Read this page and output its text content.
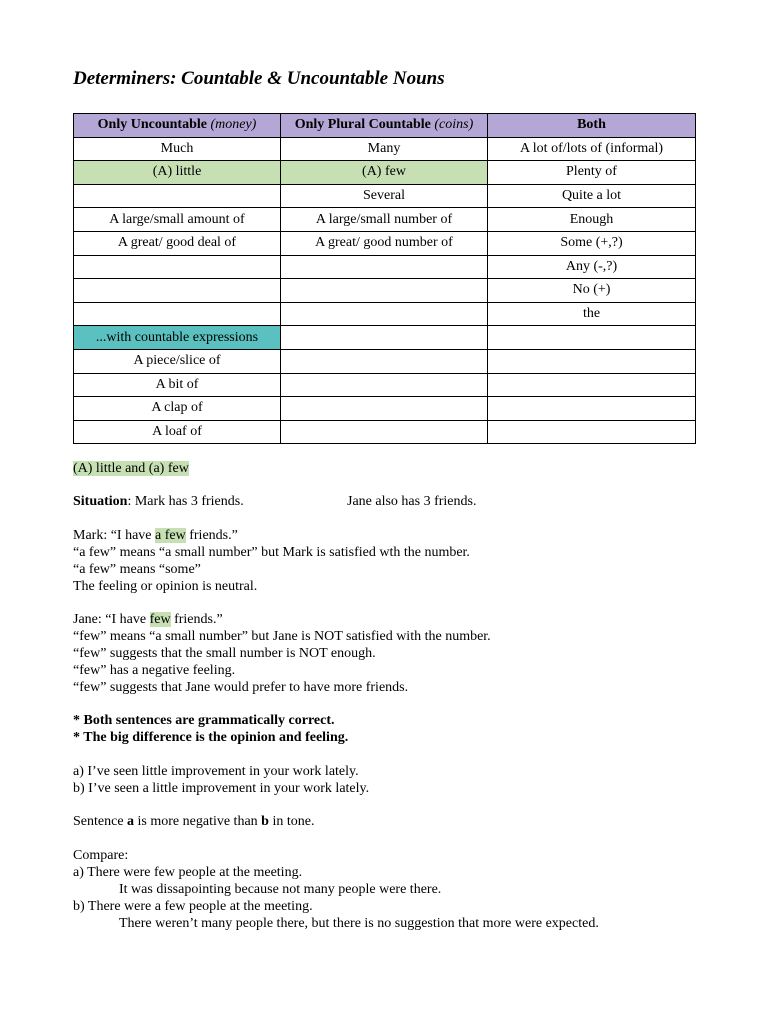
Determiners: Countable & Uncountable Nouns
Only Uncountable (money)	Only Plural Countable (coins)	Both
Much	Many	A lot of/lots of (informal)
(A) little	(A) few	Plenty of
	Several	Quite a lot
A large/small amount of	A large/small number of	Enough
A great/ good deal of	A great/ good number of	Some (+,?)
		Any (-,?)
		No (+)
		the
...with countable expressions		
A piece/slice of		
A bit of		
A clap of		
A loaf of		
(A) little and (a) few
Situation: Mark has 3 friends.	Jane also has 3 friends.
Mark: “I have a few friends.”
“a few” means “a small number” but Mark is satisfied wth the number.
“a few” means “some”
The feeling or opinion is neutral.
Jane: “I have few friends.”
“few” means “a small number” but Jane is NOT satisfied with the number.
“few” suggests that the small number is NOT enough.
“few” has a negative feeling.
“few” suggests that Jane would prefer to have more friends.
* Both sentences are grammatically correct.
* The big difference is the opinion and feeling.
a) I’ve seen little improvement in your work lately.
b) I’ve seen a little improvement in your work lately.
Sentence a is more negative than b in tone.
Compare:
a) There were few people at the meeting.
It was dissapointing because not many people were there.
b) There were a few people at the meeting.
There weren’t many people there, but there is no suggestion that more were expected.
